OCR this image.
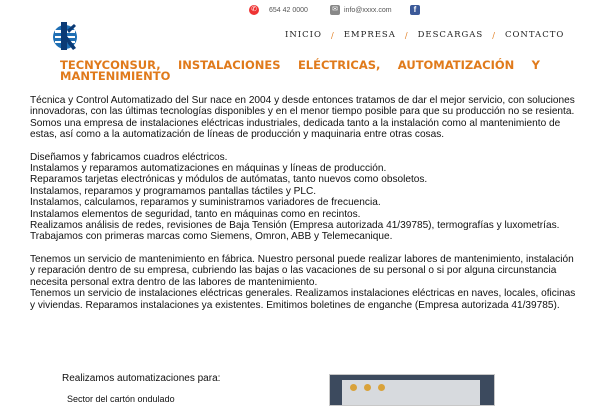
✆ 654 42 0000	✉ info@xxxx.com	f
INICIO / EMPRESA / DESCARGAS / CONTACTO
TECNYCONSUR, INSTALACIONES ELÉCTRICAS, AUTOMATIZACIÓN Y
MANTENIMIENTO

Técnica y Control Automatizado del Sur nace en 2004 y desde entonces tratamos de dar el mejor servicio, con soluciones innovadoras, con las últimas tecnologías disponibles y en el menor tiempo posible para que su producción no se resienta.

Somos una empresa de instalaciones eléctricas industriales, dedicada tanto a la instalación como al mantenimiento de estas, así como a la automatización de líneas de producción y maquinaria entre otras cosas.

Diseñamos y fabricamos cuadros eléctricos.

Instalamos y reparamos automatizaciones en máquinas y líneas de producción.

Reparamos tarjetas electrónicas y módulos de autómatas, tanto nuevos como obsoletos.

Instalamos, reparamos y programamos pantallas táctiles y PLC.

Instalamos, calculamos, reparamos y suministramos variadores de frecuencia.

Instalamos elementos de seguridad, tanto en máquinas como en recintos.

Realizamos análisis de redes, revisiones de Baja Tensión (Empresa autorizada 41/39785), termografías y luxometrías.

Trabajamos con primeras marcas como Siemens, Omron, ABB y Telemecanique.

Tenemos un servicio de mantenimiento en fábrica. Nuestro personal puede realizar labores de mantenimiento, instalación y reparación dentro de su empresa, cubriendo las bajas o las vacaciones de su personal o si por alguna circunstancia necesita personal extra dentro de las labores de mantenimiento.

Tenemos un servicio de instalaciones eléctricas generales. Realizamos instalaciones eléctricas en naves, locales, oficinas y viviendas. Reparamos instalaciones ya existentes. Emitimos boletines de enganche (Empresa autorizada 41/39785).

Realizamos automatizaciones para:
Sector del cartón ondulado
